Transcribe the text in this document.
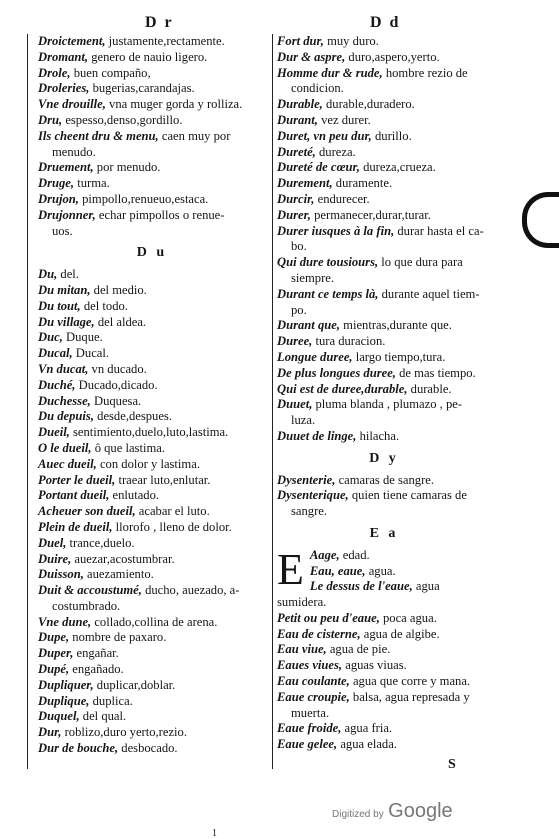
D r	D d
Droictement, justamente,rectamente.
Dromant, genero de nauio ligero.
Drole, buen compaño,
Droleries, bugerias,carandajas.
Vne drouille, vna muger gorda y rolliza.
Dru, espesso,denso,gordillo.
Ils cheent dru & menu, caen muy por
menudo.
Druement, por menudo.
Druge, turma.
Drujon, pimpollo,renueuo,estaca.
Drujonner, echar pimpollos o renue-
uos.
D u
Du, del.
Du mitan, del medio.
Du tout, del todo.
Du village, del aldea.
Duc, Duque.
Ducal, Ducal.
Vn ducat, vn ducado.
Duché, Ducado,dicado.
Duchesse, Duquesa.
Du depuis, desde,despues.
Dueil, sentimiento,duelo,luto,lastima.
O le dueil, ô que lastima.
Auec dueil, con dolor y lastima.
Porter le dueil, traear luto,enlutar.
Portant dueil, enlutado.
Acheuer son dueil, acabar el luto.
Plein de dueil, llorofo , lleno de dolor.
Duel, trance,duelo.
Duire, auezar,acostumbrar.
Duisson, auezamiento.
Duit & accoustumé, ducho, auezado, a-
costumbrado.
Vne dune, collado,collina de arena.
Dupe, nombre de paxaro.
Duper, engañar.
Dupé, engañado.
Dupliquer, duplicar,doblar.
Duplique, duplica.
Duquel, del qual.
Dur, roblizo,duro yerto,rezio.
Dur de bouche, desbocado.
Fort dur, muy duro.
Dur & aspre, duro,aspero,yerto.
Homme dur & rude, hombre rezio de
condicion.
Durable, durable,duradero.
Durant, vez durer.
Duret, vn peu dur, durillo.
Dureté, dureza.
Dureté de cœur, dureza,crueza.
Durement, duramente.
Durcir, endurecer.
Durer, permanecer,durar,turar.
Durer iusques à la fin, durar hasta el ca-
bo.
Qui dure tousiours, lo que dura para
siempre.
Durant ce temps là, durante aquel tiem-
po.
Durant que, mientras,durante que.
Duree, tura duracion.
Longue duree, largo tiempo,tura.
De plus longues duree, de mas tiempo.
Qui est de duree,durable, durable.
Duuet, pluma blanda , plumazo , pe-
luza.
Duuet de linge, hilacha.
D y
Dysenterie, camaras de sangre.
Dysenterique, quien tiene camaras de
sangre.
E a
E Aage, edad.
Eau, eaue, agua.
Le dessus de l'eaue, agua sumidera.
Petit ou peu d'eaue, poca agua.
Eau de cisterne, agua de algibe.
Eau viue, agua de pie.
Eaues viues, aguas viuas.
Eau coulante, agua que corre y mana.
Eaue croupie, balsa, agua represada y
muerta.
Eaue froide, agua fria.
Eaue gelee, agua elada.
S
Digitized by Google
1
